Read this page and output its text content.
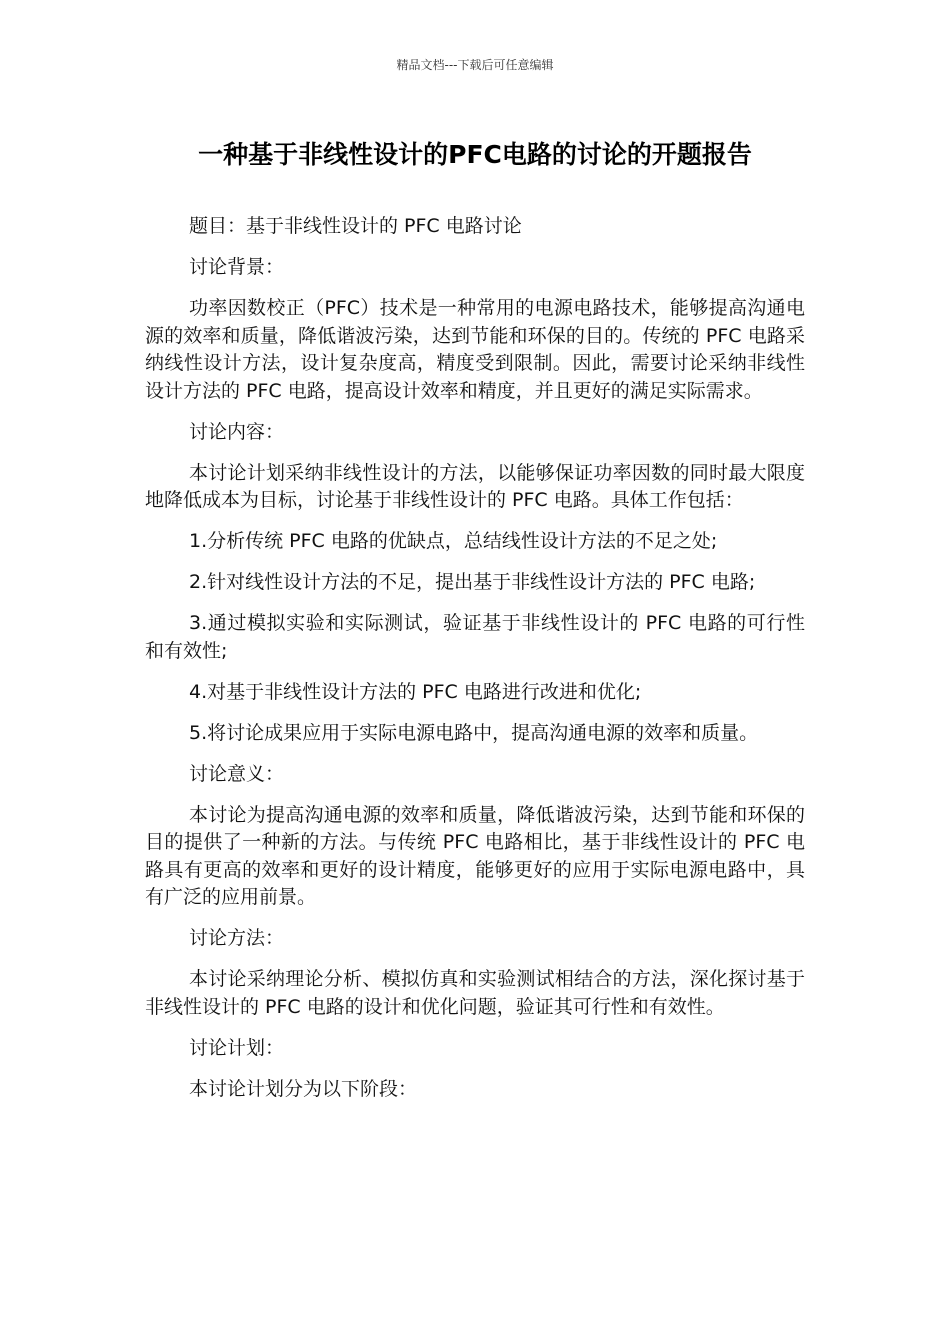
精品文档---下载后可任意编辑
一种基于非线性设计的PFC电路的讨论的开题报告

题目：基于非线性设计的 PFC 电路讨论

讨论背景：

功率因数校正（PFC）技术是一种常用的电源电路技术，能够提高沟通电源的效率和质量，降低谐波污染，达到节能和环保的目的。传统的 PFC 电路采纳线性设计方法，设计复杂度高，精度受到限制。因此，需要讨论采纳非线性设计方法的 PFC 电路，提高设计效率和精度，并且更好的满足实际需求。

讨论内容：

本讨论计划采纳非线性设计的方法，以能够保证功率因数的同时最大限度地降低成本为目标，讨论基于非线性设计的 PFC 电路。具体工作包括：

1.分析传统 PFC 电路的优缺点，总结线性设计方法的不足之处;

2.针对线性设计方法的不足，提出基于非线性设计方法的 PFC 电路;

3.通过模拟实验和实际测试，验证基于非线性设计的 PFC 电路的可行性和有效性;

4.对基于非线性设计方法的 PFC 电路进行改进和优化;

5.将讨论成果应用于实际电源电路中，提高沟通电源的效率和质量。

讨论意义：

本讨论为提高沟通电源的效率和质量，降低谐波污染，达到节能和环保的目的提供了一种新的方法。与传统 PFC 电路相比，基于非线性设计的 PFC 电路具有更高的效率和更好的设计精度，能够更好的应用于实际电源电路中，具有广泛的应用前景。

讨论方法：

本讨论采纳理论分析、模拟仿真和实验测试相结合的方法，深化探讨基于非线性设计的 PFC 电路的设计和优化问题，验证其可行性和有效性。

讨论计划：

本讨论计划分为以下阶段：
